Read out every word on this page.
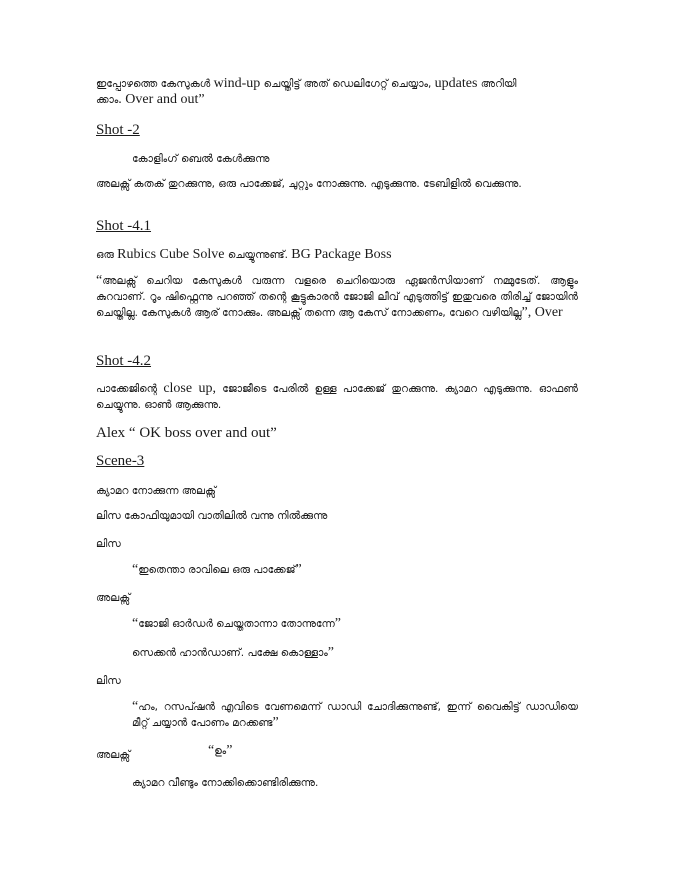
ഇപ്പോഴത്തെ കേസുകൾ wind-up ചെയ്തിട്ട് അത് ഡെലിഗേറ്റ് ചെയ്യാം, updates അറിയി
ക്കാം. Over and out”
Shot -2
കോളിംഗ് ബെൽ കേൾക്കുന്നു
അലക്സ് കതക് തുറക്കുന്നു, ഒരു പാക്കേജ്, ചുറ്റും നോക്കുന്നു. എടുക്കുന്നു. ടേബിളിൽ വെക്കുന്നു.
Shot -4.1
ഒരു Rubics Cube Solve ചെയ്യുന്നുണ്ട്. BG Package Boss
“അലക്സ് ചെറിയ കേസുകൾ വരുന്ന വളരെ ചെറിയൊരു ഏജൻസിയാണ് നമ്മുടേത്. ആളും കുറവാണ്. റൂം ഷിഫ്റ്റെന്നു പറഞ്ഞ് തന്റെ കൂട്ടുകാരൻ ജോജി ലീവ് എടുത്തിട്ട് ഇതുവരെ തിരിച്ച് ജോയിൻ ചെയ്തില്ല. കേസുകൾ ആര് നോക്കും. അലക്സ് തന്നെ ആ കേസ് നോക്കണം, വേറെ വഴിയില്ല”, Over
Shot -4.2
പാക്കേജിന്റെ close up, ജോജീടെ പേരിൽ ഉള്ള പാക്കേജ് തുറക്കുന്നു. ക്യാമറ എടുക്കുന്നു. ഓഫൺ ചെയ്യുന്നു. ഓൺ ആക്കുന്നു.
Alex “ OK boss over and out”
Scene-3
ക്യാമറ നോക്കുന്ന അലക്സ്
ലിസ കോഫിയുമായി വാതിലിൽ വന്നു നിൽക്കുന്നു
ലിസ
“ഇതെന്താ രാവിലെ ഒരു പാക്കേജ്”
അലക്സ്
“ജോജി ഓർഡർ ചെയ്തതാന്നാ തോന്നുന്നേ”
സെക്കൻ ഹാൻഡാണ്. പക്ഷേ കൊള്ളാം”
ലിസ
“ഹം, റസപ്ഷൻ എവിടെ വേണമെന്ന് ഡാഡി ചോദിക്കുന്നുണ്ട്, ഇന്ന് വൈകിട്ട് ഡാഡിയെ മീറ്റ് ചയ്യാൻ പോണം മറക്കണ്ട”
അലക്സ്	“ഉം”
ക്യാമറ വീണ്ടും നോക്കിക്കൊണ്ടിരിക്കുന്നു.
